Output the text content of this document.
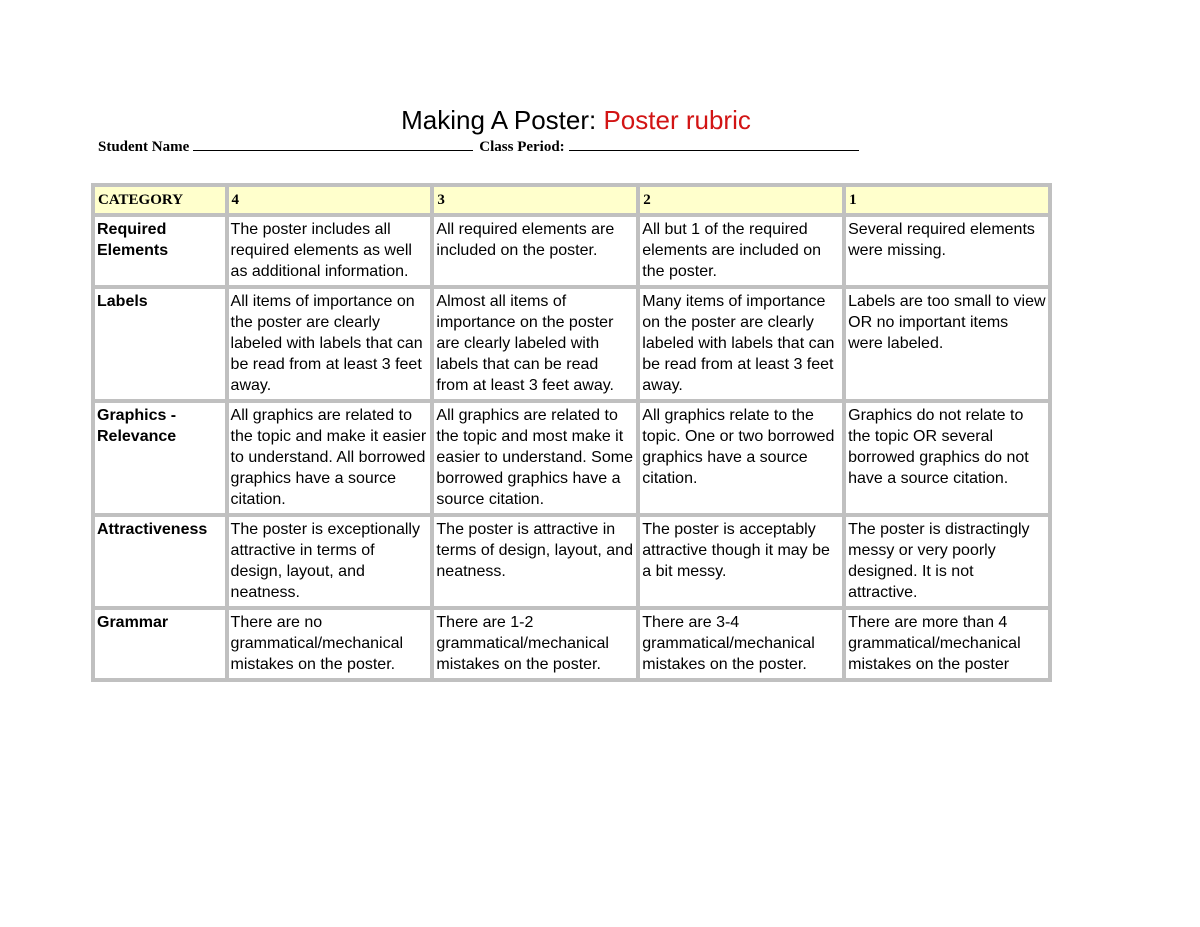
Making A Poster: Poster rubric
Student Name	Class Period:
CATEGORY	4	3	2	1
Required Elements	The poster includes all required elements as well as additional information.	All required elements are included on the poster.	All but 1 of the required elements are included on the poster.	Several required elements were missing.
Labels	All items of importance on the poster are clearly labeled with labels that can be read from at least 3 feet away.	Almost all items of importance on the poster are clearly labeled with labels that can be read from at least 3 feet away.	Many items of importance on the poster are clearly labeled with labels that can be read from at least 3 feet away.	Labels are too small to view OR no important items were labeled.
Graphics - Relevance	All graphics are related to the topic and make it easier to understand. All borrowed graphics have a source citation.	All graphics are related to the topic and most make it easier to understand. Some borrowed graphics have a source citation.	All graphics relate to the topic. One or two borrowed graphics have a source citation.	Graphics do not relate to the topic OR several borrowed graphics do not have a source citation.
Attractiveness	The poster is exceptionally attractive in terms of design, layout, and neatness.	The poster is attractive in terms of design, layout, and neatness.	The poster is acceptably attractive though it may be a bit messy.	The poster is distractingly messy or very poorly designed. It is not attractive.
Grammar	There are no grammatical/mechanical mistakes on the poster.	There are 1-2 grammatical/mechanical mistakes on the poster.	There are 3-4 grammatical/mechanical mistakes on the poster.	There are more than 4 grammatical/mechanical mistakes on the poster
